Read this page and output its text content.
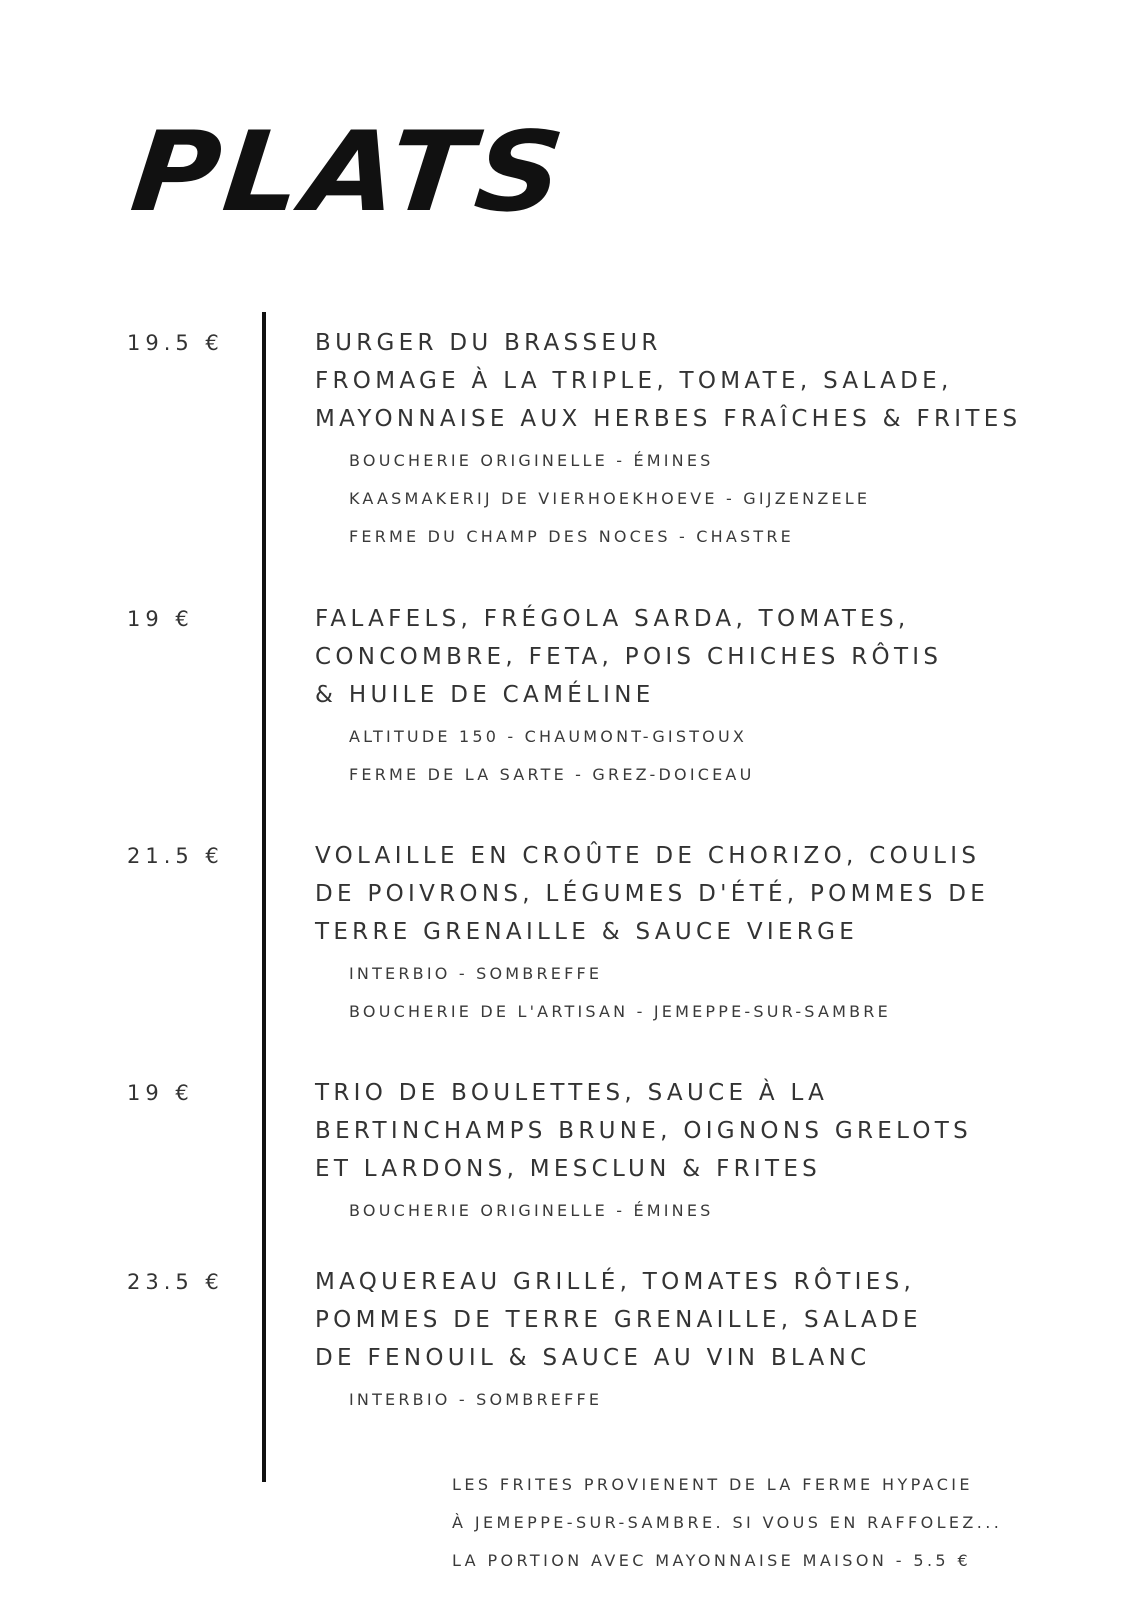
PLATS
19.5 €	BURGER DU BRASSEUR
FROMAGE À LA TRIPLE, TOMATE, SALADE,
MAYONNAISE AUX HERBES FRAÎCHES & FRITES
BOUCHERIE ORIGINELLE - ÉMINES
KAASMAKERIJ DE VIERHOEKHOEVE - GIJZENZELE
FERME DU CHAMP DES NOCES - CHASTRE
19 €	FALAFELS, FRÉGOLA SARDA, TOMATES,
CONCOMBRE, FETA, POIS CHICHES RÔTIS
& HUILE DE CAMÉLINE
ALTITUDE 150 - CHAUMONT-GISTOUX
FERME DE LA SARTE - GREZ-DOICEAU
21.5 €	VOLAILLE EN CROÛTE DE CHORIZO, COULIS
DE POIVRONS, LÉGUMES D'ÉTÉ, POMMES DE
TERRE GRENAILLE & SAUCE VIERGE
INTERBIO - SOMBREFFE
BOUCHERIE DE L'ARTISAN - JEMEPPE-SUR-SAMBRE
19 €	TRIO DE BOULETTES, SAUCE À LA
BERTINCHAMPS BRUNE, OIGNONS GRELOTS
ET LARDONS, MESCLUN & FRITES
BOUCHERIE ORIGINELLE - ÉMINES
23.5 €	MAQUEREAU GRILLÉ, TOMATES RÔTIES,
POMMES DE TERRE GRENAILLE, SALADE
DE FENOUIL & SAUCE AU VIN BLANC
INTERBIO - SOMBREFFE
LES FRITES PROVIENENT DE LA FERME HYPACIE
À JEMEPPE-SUR-SAMBRE. SI VOUS EN RAFFOLEZ...
LA PORTION AVEC MAYONNAISE MAISON - 5.5 €
